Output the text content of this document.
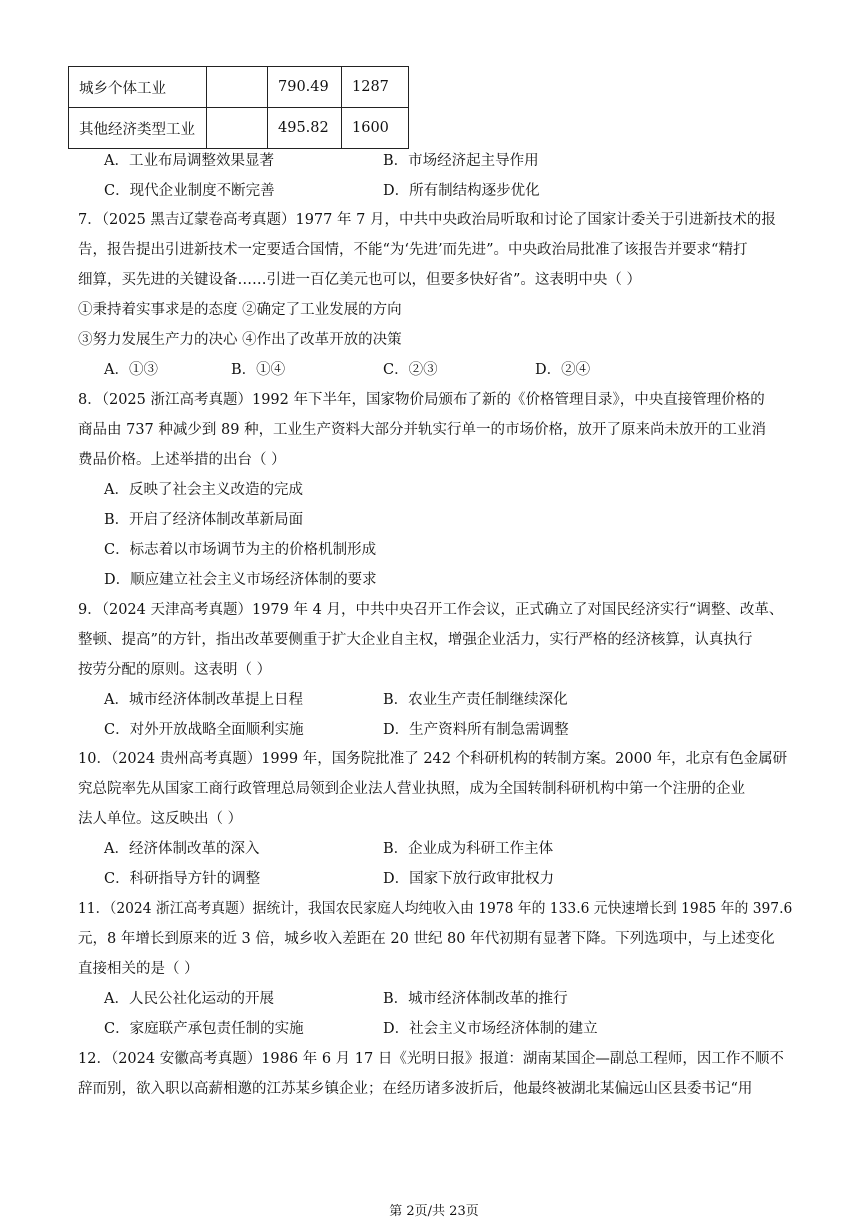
城乡个体工业		790.49	1287
其他经济类型工业		495.82	1600
A．工业布局调整效果显著	B．市场经济起主导作用
C．现代企业制度不断完善	D．所有制结构逐步优化
7．（2025 黑吉辽蒙卷高考真题）1977 年 7 月，中共中央政治局听取和讨论了国家计委关于引进新技术的报
告，报告提出引进新技术一定要适合国情，不能“为‘先进’而先进”。中央政治局批准了该报告并要求“精打
细算，买先进的关键设备……引进一百亿美元也可以，但要多快好省”。这表明中央（ ）
①秉持着实事求是的态度 ②确定了工业发展的方向
③努力发展生产力的决心 ④作出了改革开放的决策
A．①③	B．①④	C．②③	D．②④
8．（2025 浙江高考真题）1992 年下半年，国家物价局颁布了新的《价格管理目录》，中央直接管理价格的
商品由 737 种减少到 89 种，工业生产资料大部分并轨实行单一的市场价格，放开了原来尚未放开的工业消
费品价格。上述举措的出台（ ）
A．反映了社会主义改造的完成
B．开启了经济体制改革新局面
C．标志着以市场调节为主的价格机制形成
D．顺应建立社会主义市场经济体制的要求
9．（2024 天津高考真题）1979 年 4 月，中共中央召开工作会议，正式确立了对国民经济实行“调整、改革、
整顿、提高”的方针，指出改革要侧重于扩大企业自主权，增强企业活力，实行严格的经济核算，认真执行
按劳分配的原则。这表明（ ）
A．城市经济体制改革提上日程	B．农业生产责任制继续深化
C．对外开放战略全面顺利实施	D．生产资料所有制急需调整
10．（2024 贵州高考真题）1999 年，国务院批准了 242 个科研机构的转制方案。2000 年，北京有色金属研
究总院率先从国家工商行政管理总局领到企业法人营业执照，成为全国转制科研机构中第一个注册的企业
法人单位。这反映出（ ）
A．经济体制改革的深入	B．企业成为科研工作主体
C．科研指导方针的调整	D．国家下放行政审批权力
11．（2024 浙江高考真题）据统计，我国农民家庭人均纯收入由 1978 年的 133.6 元快速增长到 1985 年的 397.6
元，8 年增长到原来的近 3 倍，城乡收入差距在 20 世纪 80 年代初期有显著下降。下列选项中，与上述变化
直接相关的是（ ）
A．人民公社化运动的开展	B．城市经济体制改革的推行
C．家庭联产承包责任制的实施	D．社会主义市场经济体制的建立
12．（2024 安徽高考真题）1986 年 6 月 17 日《光明日报》报道：湖南某国企—副总工程师，因工作不顺不
辞而别，欲入职以高薪相邀的江苏某乡镇企业；在经历诸多波折后，他最终被湖北某偏远山区县委书记“用
第 2页/共 23页
